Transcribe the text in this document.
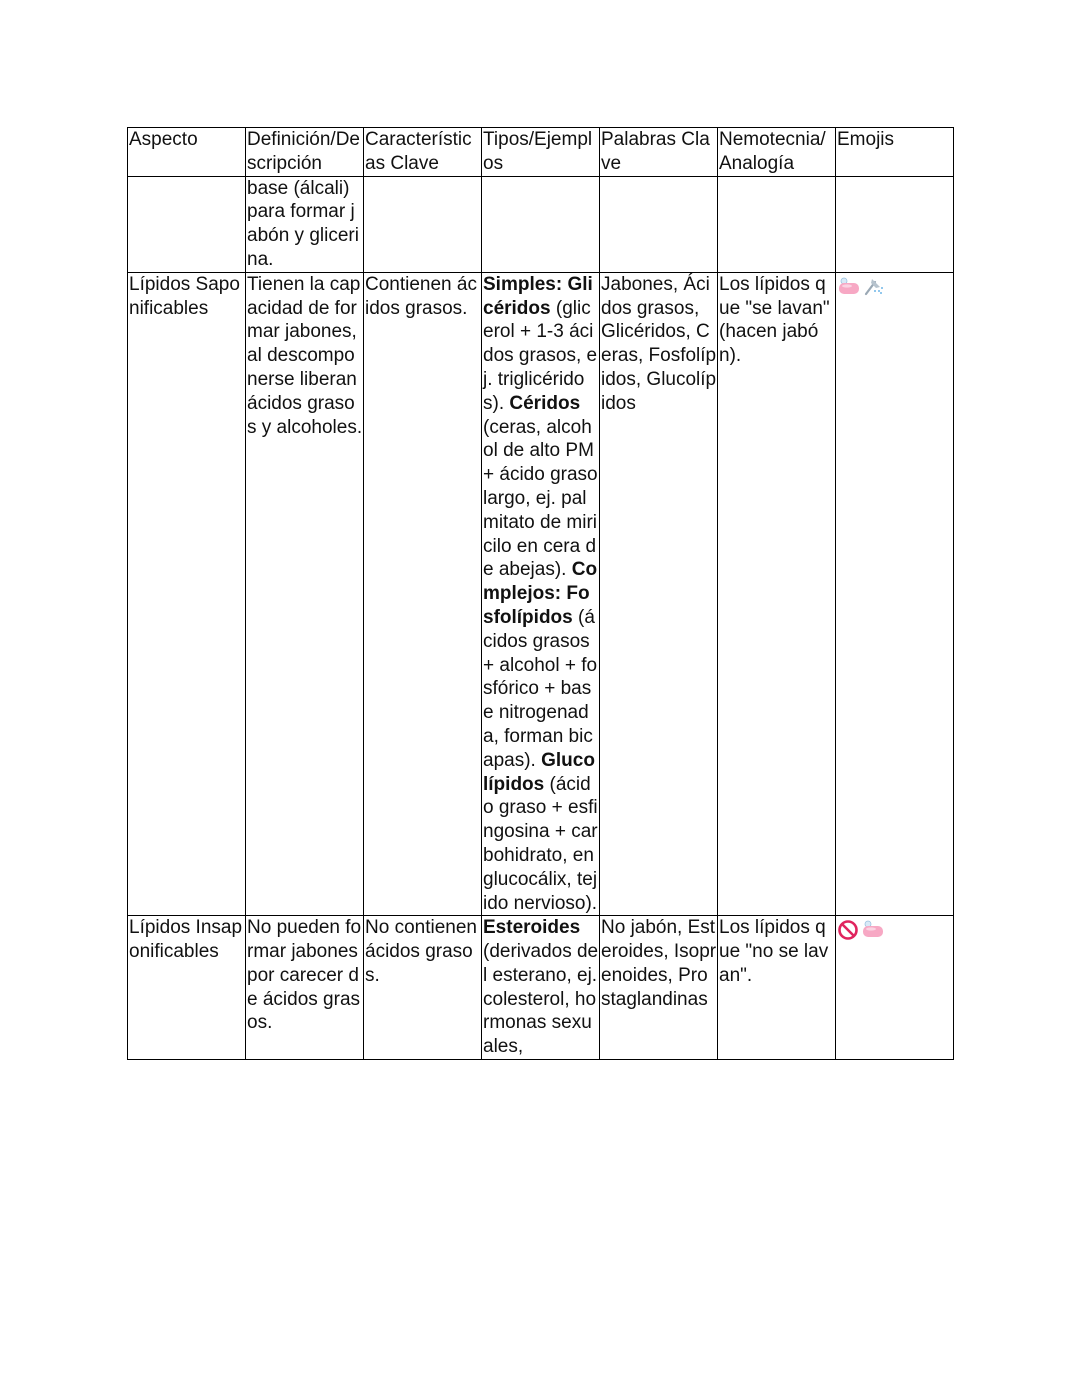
Aspecto	Definición/Descripción	Características Clave	Tipos/Ejemplos	Palabras Clave	Nemotecnia/Analogía	Emojis
	base (álcali) para formar jabón y glicerina.					
Lípidos Saponificables	Tienen la capacidad de formar jabones, al descomponerse liberan ácidos grasos y alcoholes.	Contienen ácidos grasos.	Simples: Glicéridos (glicerol + 1-3 ácidos grasos, ej. triglicéridos). Céridos (ceras, alcohol de alto PM + ácido graso largo, ej. palmitato de miricilo en cera de abejas). Complejos: Fosfolípidos (ácidos grasos + alcohol + fosfórico + base nitrogenada, forman bicapas). Glucolípidos (ácido graso + esfingosina + carbohidrato, en glucocálix, tejido nervioso).	Jabones, Ácidos grasos, Glicéridos, Ceras, Fosfolípidos, Glucolípidos	Los lípidos que "se lavan" (hacen jabón).	

Lípidos Insaponificables	No pueden formar jabones por carecer de ácidos grasos.	No contienen ácidos grasos.	Esteroides (derivados del esterano, ej. colesterol, hormonas sexuales,	No jabón, Esteroides, Isoprenoides, Prostaglandinas	Los lípidos que "no se lavan".	
